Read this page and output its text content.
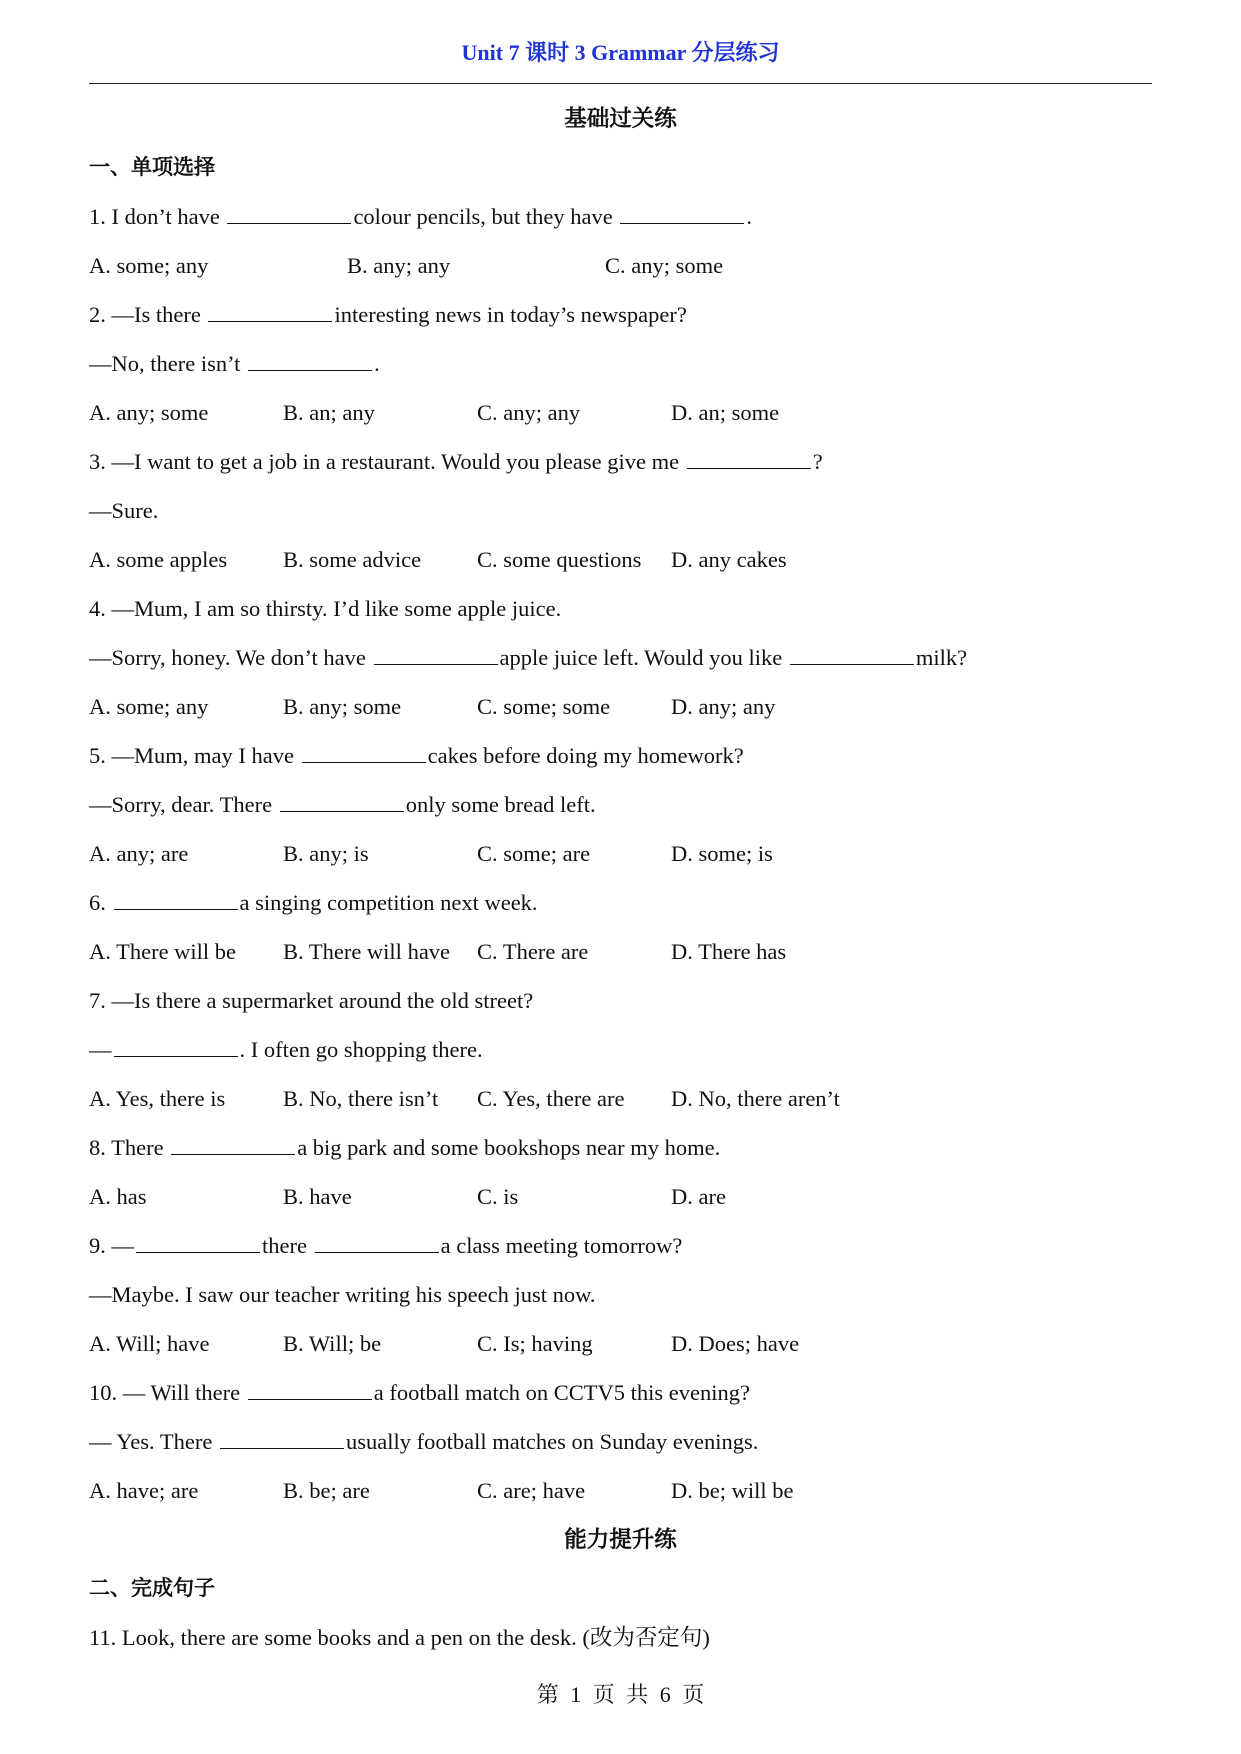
Unit 7 课时 3 Grammar 分层练习
基础过关练
一、单项选择
1. I don’t have	colour pencils, but they have	.
A. some; any	B. any; any	C. any; some
2. —Is there	interesting news in today’s newspaper?
—No, there isn’t	.
A. any; some	B. an; any	C. any; any	D. an; some
3. —I want to get a job in a restaurant. Would you please give me	?
—Sure.
A. some apples	B. some advice	C. some questions	D. any cakes
4. —Mum, I am so thirsty. I’d like some apple juice.
—Sorry, honey. We don’t have	apple juice left. Would you like	milk?
A. some; any	B. any; some	C. some; some	D. any; any
5. —Mum, may I have	cakes before doing my homework?
—Sorry, dear. There	only some bread left.
A. any; are	B. any; is	C. some; are	D. some; is
6.	a singing competition next week.
A. There will be	B. There will have	C. There are	D. There has
7. —Is there a supermarket around the old street?
—	. I often go shopping there.
A. Yes, there is	B. No, there isn’t	C. Yes, there are	D. No, there aren’t
8. There	a big park and some bookshops near my home.
A. has	B. have	C. is	D. are
9. —	there	a class meeting tomorrow?
—Maybe. I saw our teacher writing his speech just now.
A. Will; have	B. Will; be	C. Is; having	D. Does; have
10. — Will there	a football match on CCTV5 this evening?
— Yes. There	usually football matches on Sunday evenings.
A. have; are	B. be; are	C. are; have	D. be; will be
能力提升练
二、完成句子
11. Look, there are some books and a pen on the desk. (改为否定句)
第 1 页 共 6 页
